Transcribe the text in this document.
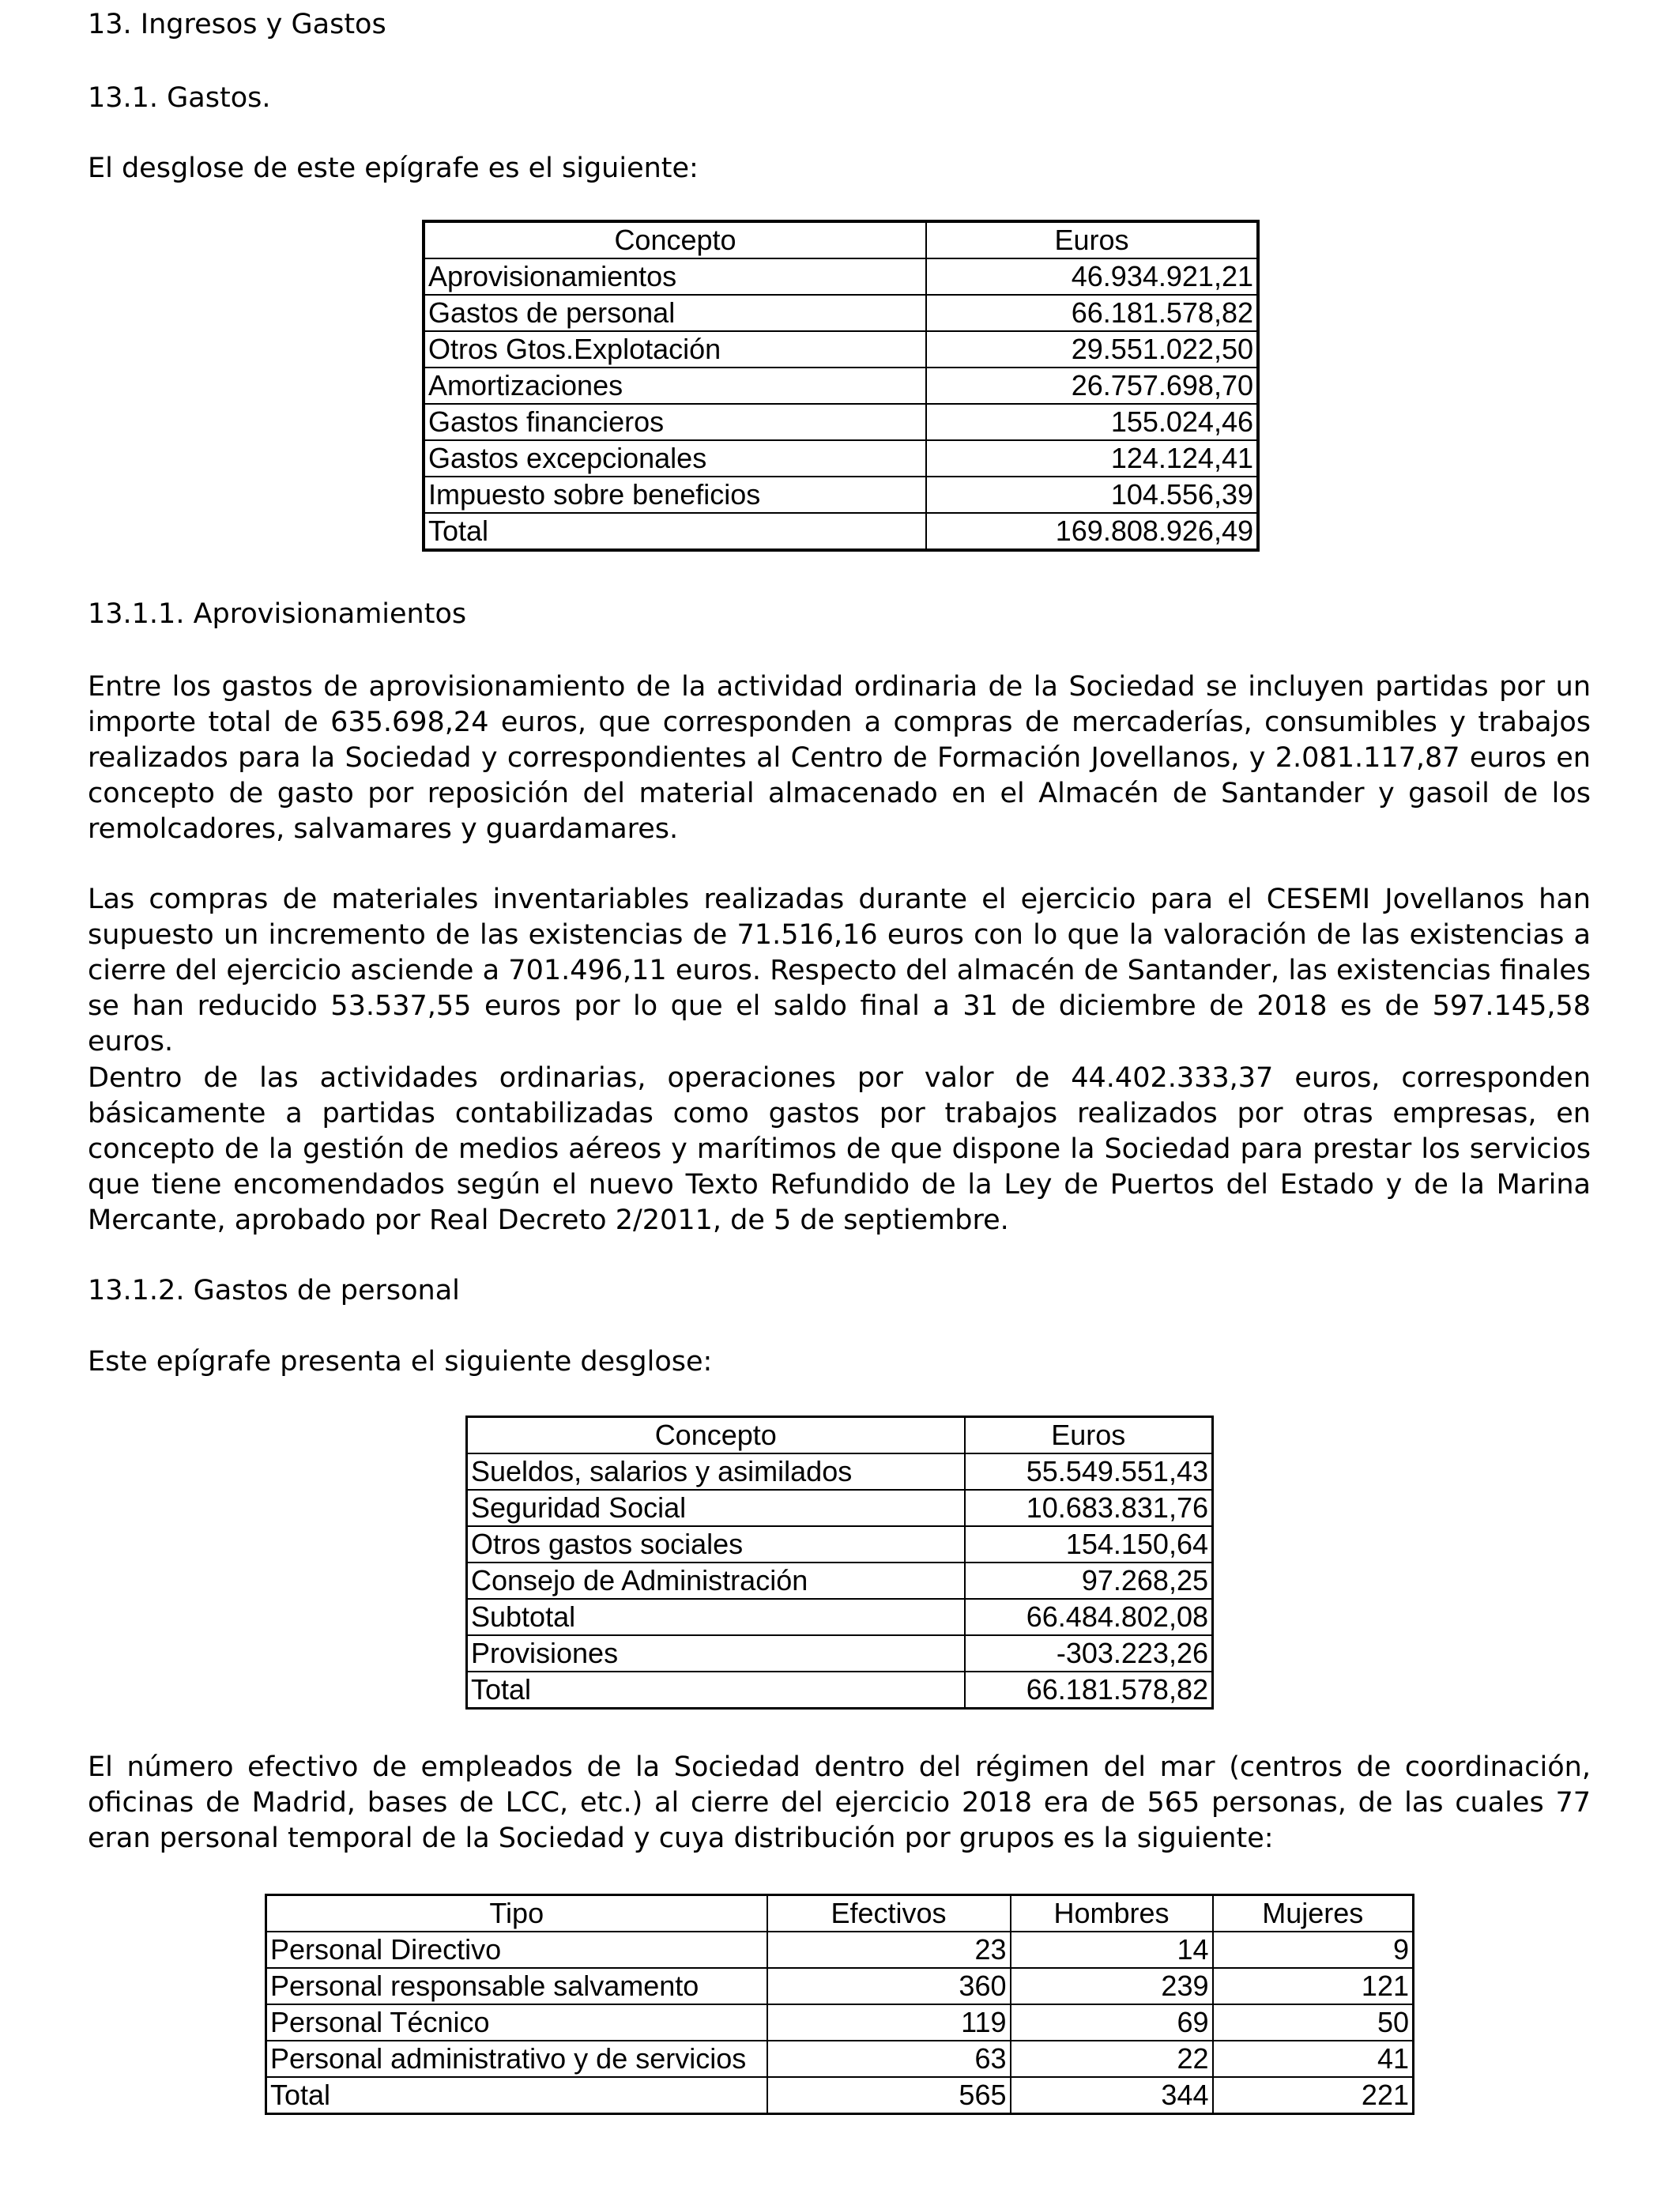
13. Ingresos y Gastos

13.1. Gastos.

El desglose de este epígrafe es el siguiente:

Concepto	Euros
Aprovisionamientos	46.934.921,21
Gastos de personal	66.181.578,82
Otros Gtos.Explotación	29.551.022,50
Amortizaciones	26.757.698,70
Gastos financieros	155.024,46
Gastos excepcionales	124.124,41
Impuesto sobre beneficios	104.556,39
Total	169.808.926,49

13.1.1. Aprovisionamientos

Entre los gastos de aprovisionamiento de la actividad ordinaria de la Sociedad se incluyen partidas por un importe total de 635.698,24 euros, que corresponden a compras de mercaderías, consumibles y trabajos realizados para la Sociedad y correspondientes al Centro de Formación Jovellanos, y 2.081.117,87 euros en concepto de gasto por reposición del material almacenado en el Almacén de Santander y gasoil de los remolcadores, salvamares y guardamares.

Las compras de materiales inventariables realizadas durante el ejercicio para el CESEMI Jovellanos han supuesto un incremento de las existencias de 71.516,16 euros con lo que la valoración de las existencias a cierre del ejercicio asciende a 701.496,11 euros. Respecto del almacén de Santander, las existencias finales se han reducido 53.537,55 euros por lo que el saldo final a 31 de diciembre de 2018 es de 597.145,58 euros.

Dentro de las actividades ordinarias, operaciones por valor de 44.402.333,37 euros, corresponden básicamente a partidas contabilizadas como gastos por trabajos realizados por otras empresas, en concepto de la gestión de medios aéreos y marítimos de que dispone la Sociedad para prestar los servicios que tiene encomendados según el nuevo Texto Refundido de la Ley de Puertos del Estado y de la Marina Mercante, aprobado por Real Decreto 2/2011, de 5 de septiembre.

13.1.2. Gastos de personal

Este epígrafe presenta el siguiente desglose:

Concepto	Euros
Sueldos, salarios y asimilados	55.549.551,43
Seguridad Social	10.683.831,76
Otros gastos sociales	154.150,64
Consejo de Administración	97.268,25
Subtotal	66.484.802,08
Provisiones	-303.223,26
Total	66.181.578,82

El número efectivo de empleados de la Sociedad dentro del régimen del mar (centros de coordinación, oficinas de Madrid, bases de LCC, etc.) al cierre del ejercicio 2018 era de 565 personas, de las cuales 77 eran personal temporal de la Sociedad y cuya distribución por grupos es la siguiente:

Tipo	Efectivos	Hombres	Mujeres
Personal Directivo	23	14	9
Personal responsable salvamento	360	239	121
Personal Técnico	119	69	50
Personal administrativo y de servicios	63	22	41
Total	565	344	221
